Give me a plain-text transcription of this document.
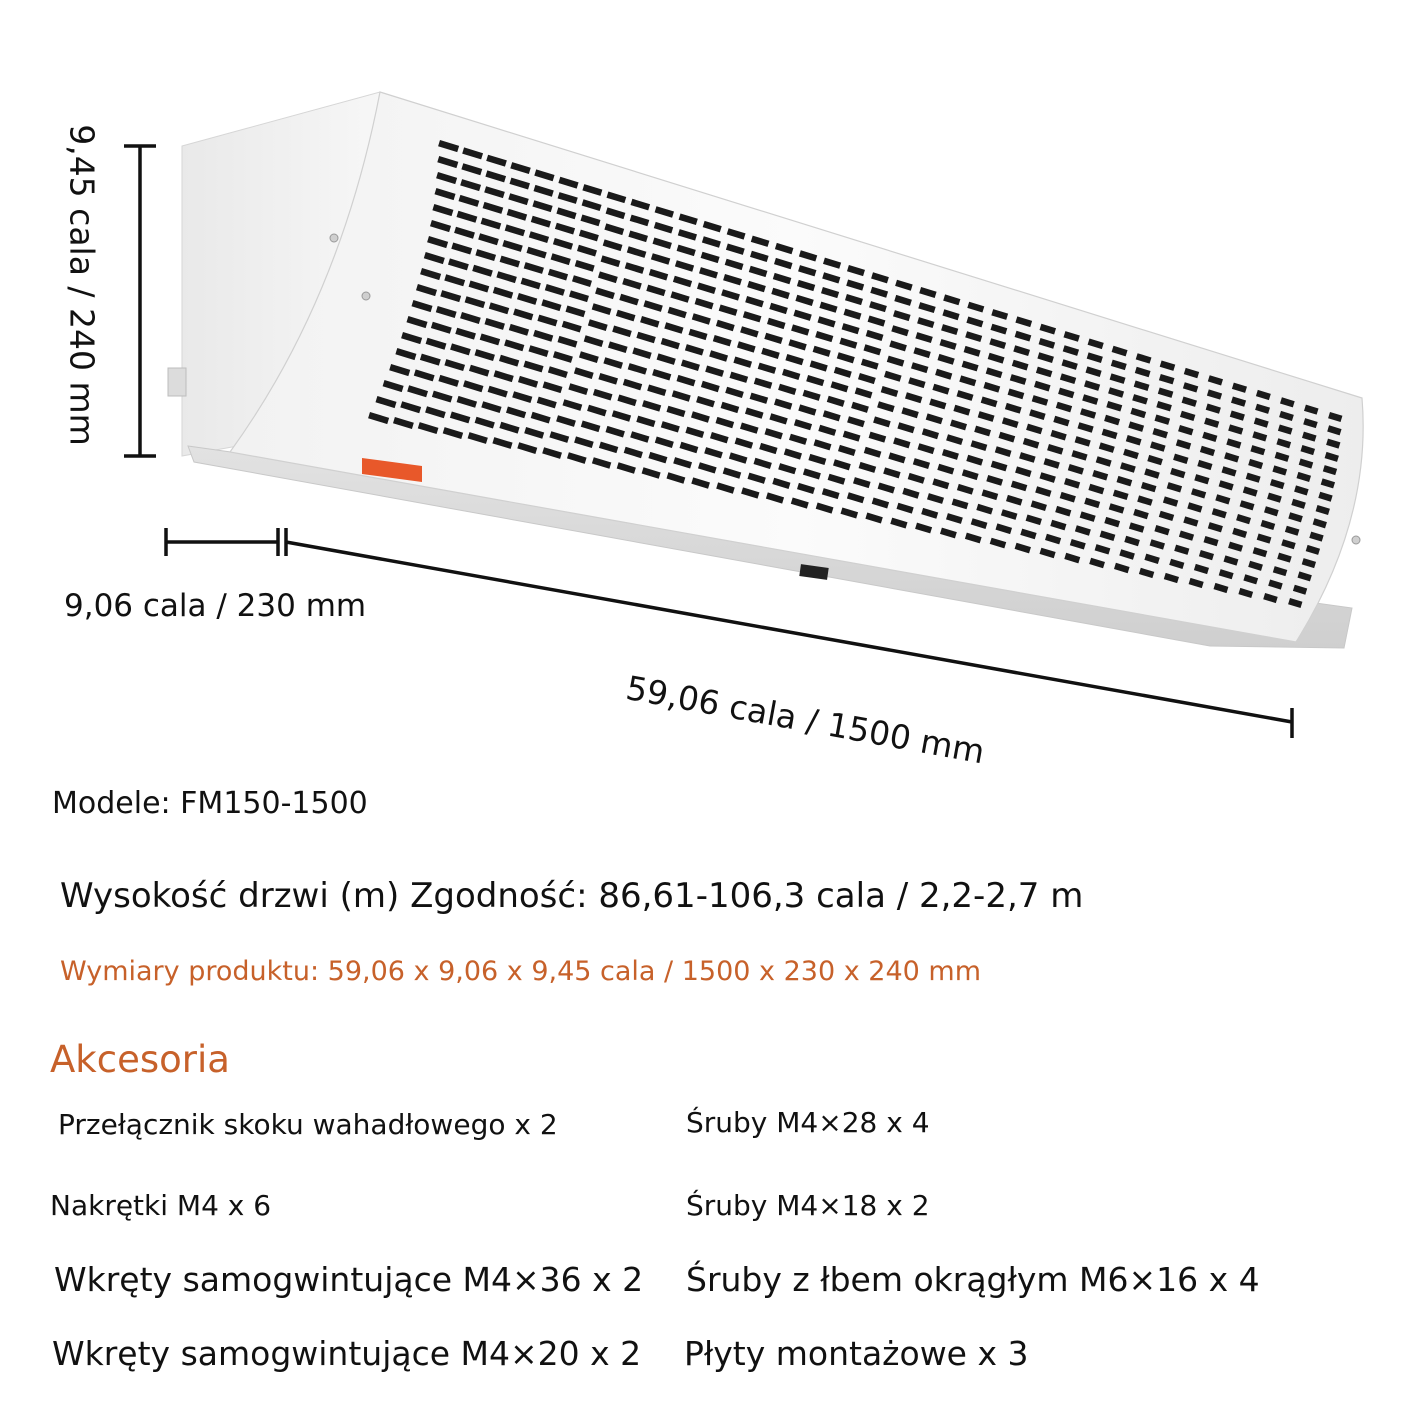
9,45 cala / 240 mm
9,06 cala / 230 mm
59,06 cala / 1500 mm
Modele: FM150-1500
Wysokość drzwi (m) Zgodność: 86,61-106,3 cala / 2,2-2,7 m
Wymiary produktu: 59,06 x 9,06 x 9,45 cala / 1500 x 230 x 240 mm
Akcesoria
Przełącznik skoku wahadłowego x 2	Śruby M4×28 x 4
Nakrętki M4 x 6	Śruby M4×18 x 2
Wkręty samogwintujące M4×36 x 2 Śruby z łbem okrągłym M6×16 x 4
Wkręty samogwintujące M4×20 x 2 Płyty montażowe x 3
